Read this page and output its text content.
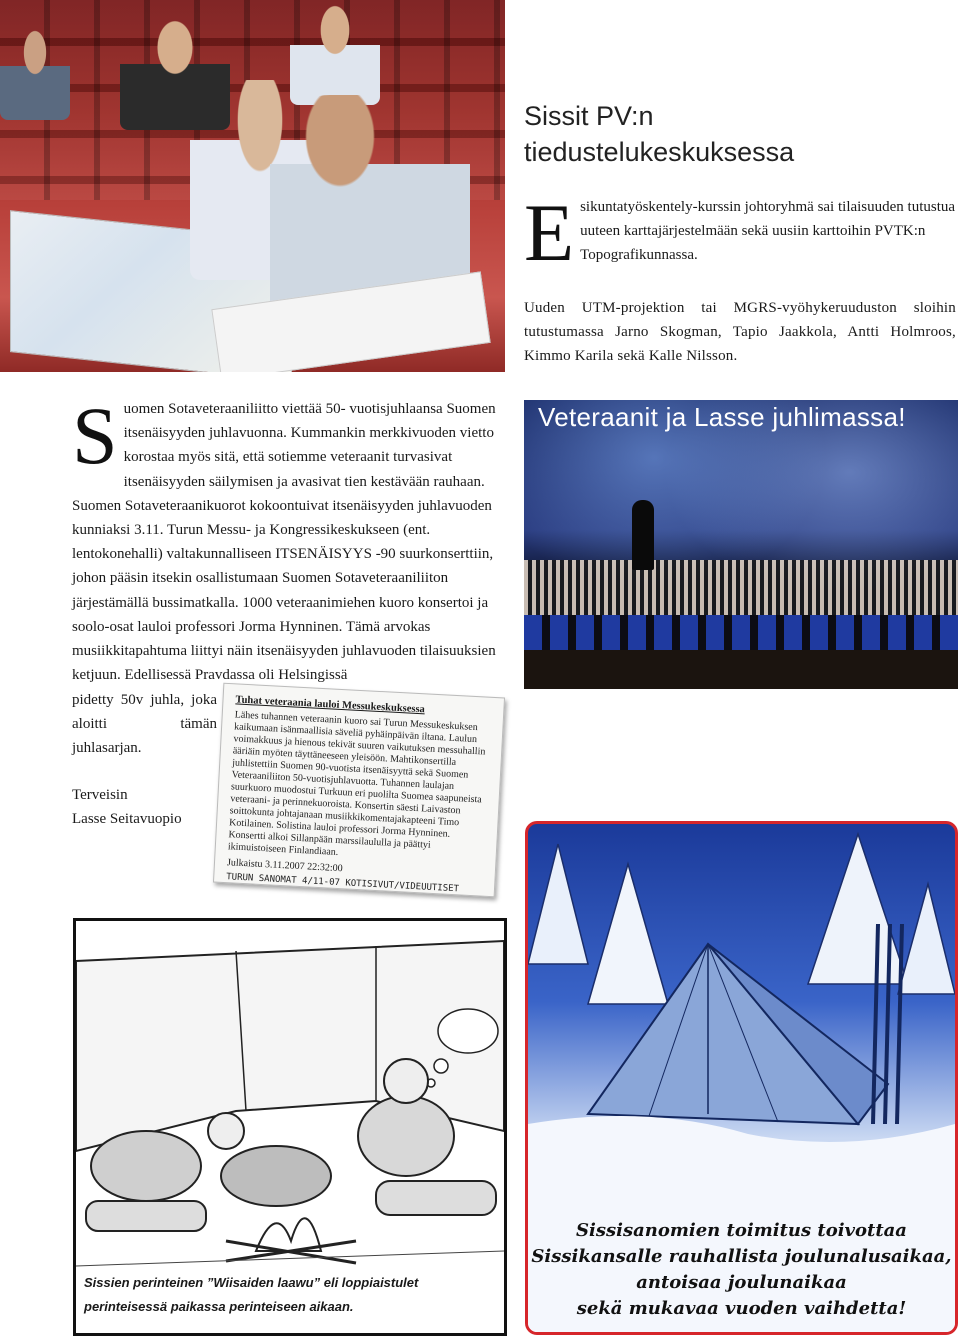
Sissit PV:n
tiedustelukeskuksessa
E sikuntatyöskentely-kurssin johtoryhmä sai tilaisuuden tutustua uuteen karttajärjestelmään sekä uusiin karttoihin PVTK:n Topografikunnassa.
Uuden UTM-projektion tai MGRS-vyöhykeruuduston sloihin tutustumassa Jarno Skogman, Tapio Jaakkola, Antti Holmroos, Kimmo Karila sekä Kalle Nilsson.
Veteraanit ja Lasse juhlimassa!
S uomen Sotaveteraaniliitto viettää 50- vuotisjuhlaansa Suomen itsenäisyyden juhlavuonna. Kummankin merkkivuoden vietto korostaa myös sitä, että sotiemme veteraanit turvasivat itsenäisyyden säilymisen ja avasivat tien kestävään rauhaan. Suomen Sotaveteraanikuorot kokoontuivat itsenäisyyden juhlavuoden kunniaksi 3.11. Turun Messu- ja Kongressikeskukseen (ent. lentokonehalli) valtakunnalliseen ITSENÄISYYS -90 suurkonserttiin, johon pääsin itsekin osallistumaan Suomen Sotaveteraaniliiton järjestämällä bussimatkalla. 1000 veteraanimiehen kuoro konsertoi ja soolo-osat lauloi professori Jorma Hynninen. Tämä arvokas musiikkitapahtuma liittyi näin itsenäisyyden juhlavuoden tilaisuuksien ketjuun. Edellisessä Pravdassa oli Helsingissä
pidetty 50v juhla, joka aloitti tämän juhlasarjan.
Terveisin
Lasse Seitavuopio
Tuhat veteraania lauloi Messukeskuksessa
Lähes tuhannen veteraanin kuoro sai Turun Messukeskuksen kaikumaan isänmaallisia säveliä pyhäinpäivän iltana. Laulun voimakkuus ja hienous tekivät suuren vaikutuksen messuhallin ääriäin myöten täyttäneeseen yleisöön. Mahtikonsertilla juhlistettiin Suomen 90-vuotista itsenäisyyttä sekä Suomen Veteraaniliiton 50-vuotisjuhlavuotta. Tuhannen laulajan suurkuoro muodostui Turkuun eri puolilta Suomea saapuneista veteraani- ja perinnekuoroista. Konsertin säesti Laivaston soittokunta johtajanaan musiikkikomentajakapteeni Timo Kotilainen. Solistina lauloi professori Jorma Hynninen. Konsertti alkoi Sillanpään marssilaululla ja päättyi ikimuistoiseen Finlandiaan.
Julkaistu 3.11.2007 22:32:00
TURUN SANOMAT 4/11-07 KOTISIVUT/VIDEUUTISET
Sissien perinteinen ”Wiisaiden laawu” eli loppiaistulet perinteisessä paikassa perinteiseen aikaan.
Sissisanomien toimitus toivottaa
Sissikansalle rauhallista joulunalusaikaa,
antoisaa joulunaikaa
sekä mukavaa vuoden vaihdetta!
